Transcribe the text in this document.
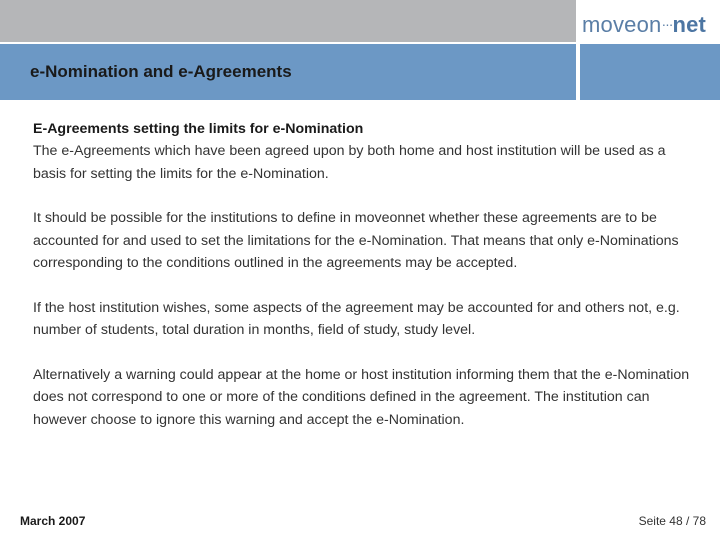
moveon···net
e-Nomination and e-Agreements
E-Agreements setting the limits for e-Nomination

The e-Agreements which have been agreed upon by both home and host institution will be used as a basis for setting the limits for the e-Nomination.

It should be possible for the institutions to define in moveonnet whether these agreements are to be accounted for and used to set the limitations for the e-Nomination. That means that only e-Nominations corresponding to the conditions outlined in the agreements may be accepted.

If the host institution wishes, some aspects of the agreement may be accounted for and others not, e.g. number of students, total duration in months, field of study, study level.

Alternatively a warning could appear at the home or host institution informing them that the e-Nomination does not correspond to one or more of the conditions defined in the agreement. The institution can however choose to ignore this warning and accept the e-Nomination.

March 2007	Seite 48 / 78
